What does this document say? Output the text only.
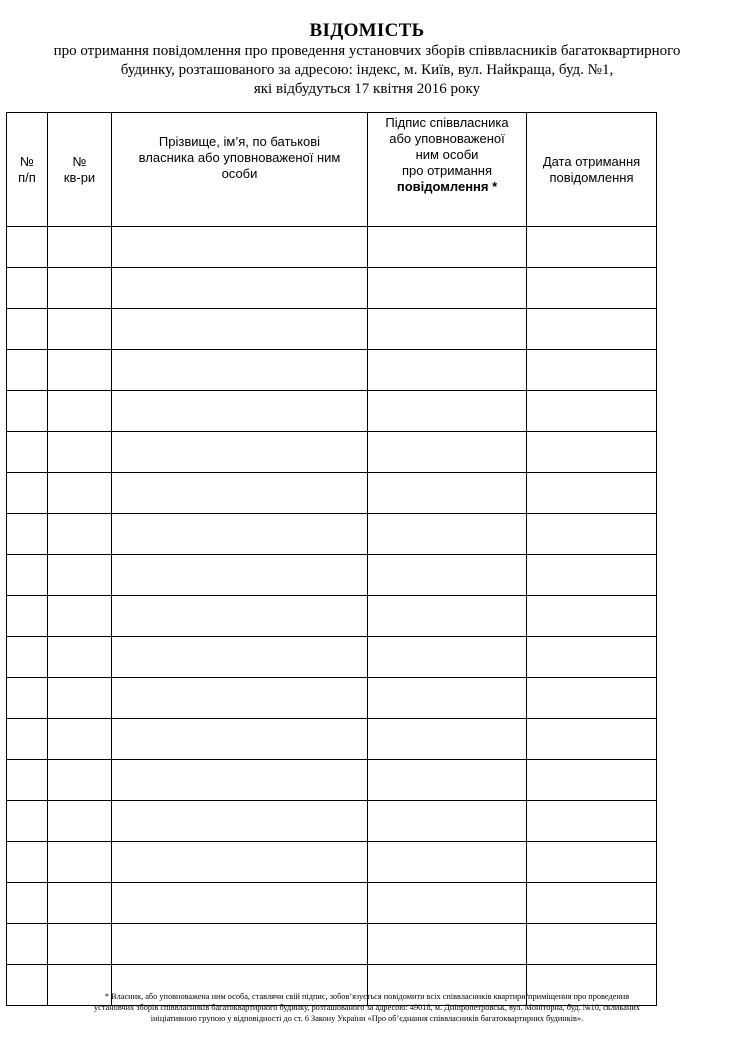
ВІДОМІСТЬ
про отримання повідомлення про проведення установчих зборів співвласників багатоквартирного
будинку, розташованого за адресою: індекс, м. Київ, вул. Найкраща, буд. №1,
які відбудуться 17 квітня 2016 року
№
п/п	№
кв-ри	Прізвище, ім’я, по батькові
власника або уповноваженої ним
особи	Підпис співвласника
або уповноваженої
ним особи
про отримання
повідомлення *	Дата отримання
повідомлення

* Власник, або уповноважена ним особа, ставлячи свій підпис, зобов’язується повідомити всіх співвласників квартири/приміщення про проведення
установчих зборів співвласників багатоквартирного будинку, розташованого за адресою: 49018, м. Дніпропетровськ, вул. Моніторна, буд. №10, скликаних
ініціативною групою у відповідності до ст. 6 Закону України «Про об’єднання співвласників багатоквартирних будинків».
